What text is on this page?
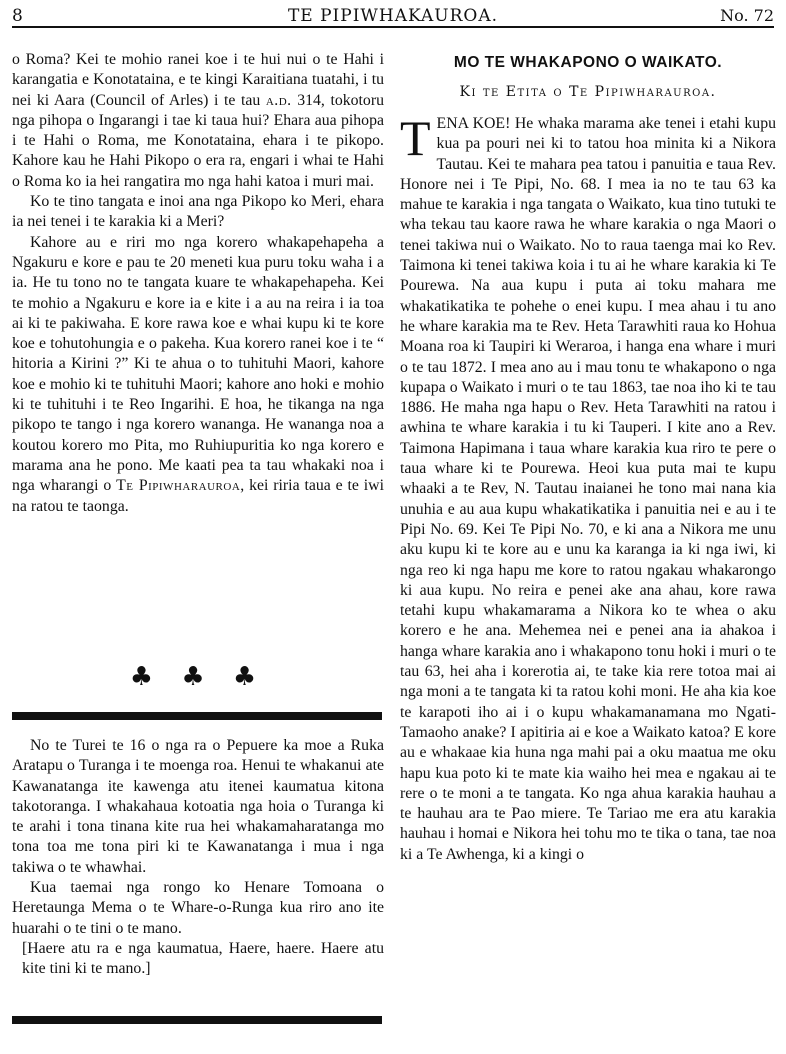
8	TE PIPIWHAKAUROA.	No. 72

o Roma? Kei te mohio ranei koe i te hui nui o te Hahi i karangatia e Konotataina, e te kingi Karaitiana tuatahi, i tu nei ki Aara (Council of Arles) i te tau a.d. 314, tokotoru nga pihopa o Ingarangi i tae ki taua hui? Ehara aua pihopa i te Hahi o Roma, me Konotataina, ehara i te pikopo. Kahore kau he Hahi Pikopo o era ra, engari i whai te Hahi o Roma ko ia hei rangatira mo nga hahi katoa i muri mai.

Ko te tino tangata e inoi ana nga Pikopo ko Meri, ehara ia nei tenei i te karakia ki a Meri?

Kahore au e riri mo nga korero whakapehapeha a Ngakuru e kore e pau te 20 meneti kua puru toku waha i a ia. He tu tono no te tangata kuare te whakapehapeha. Kei te mohio a Ngakuru e kore ia e kite i a au na reira i ia toa ai ki te pakiwaha. E kore rawa koe e whai kupu ki te kore koe e tohutohungia e o pakeha. Kua korero ranei koe i te “ hitoria a Kirini ?” Ki te ahua o to tuhituhi Maori, kahore koe e mohio ki te tuhituhi Maori; kahore ano hoki e mohio ki te tuhituhi i te Reo Ingarihi. E hoa, he tikanga na nga pikopo te tango i nga korero wananga. He wananga noa a koutou korero mo Pita, mo Ruhiupuritia ko nga korero e marama ana he pono. Me kaati pea ta tau whakaki noa i nga wharangi o Te Pipiwharauroa, kei riria taua e te iwi na ratou te taonga.

♣ ♣ ♣

No te Turei te 16 o nga ra o Pepuere ka moe a Ruka Aratapu o Turanga i te moenga roa. Henui te whakanui ate Kawanatanga ite kawenga atu itenei kaumatua kitona takotoranga. I whakahaua kotoatia nga hoia o Turanga ki te arahi i tona tinana kite rua hei whakamaharatanga mo tona toa me tona piri ki te Kawanatanga i mua i nga takiwa o te whawhai.

Kua taemai nga rongo ko Henare Tomoana o Heretaunga Mema o te Whare-o-Runga kua riro ano ite huarahi o te tini o te mano.

[Haere atu ra e nga kaumatua, Haere, haere. Haere atu kite tini ki te mano.]

MO TE WHAKAPONO O WAIKATO.
Ki te Etita o Te Pipiwharauroa.

TENA KOE! He whaka marama ake tenei i etahi kupu kua pa pouri nei ki to tatou hoa minita ki a Nikora Tautau. Kei te mahara pea tatou i panuitia e taua Rev. Honore nei i Te Pipi, No. 68. I mea ia no te tau 63 ka mahue te karakia i nga tangata o Waikato, kua tino tutuki te wha tekau tau kaore rawa he whare karakia o nga Maori o tenei takiwa nui o Waikato. No to raua taenga mai ko Rev. Taimona ki tenei takiwa koia i tu ai he whare karakia ki Te Pourewa. Na aua kupu i puta ai toku mahara me whakatikatika te pohehe o enei kupu. I mea ahau i tu ano he whare karakia ma te Rev. Heta Tarawhiti raua ko Hohua Moana roa ki Taupiri ki Weraroa, i hanga ena whare i muri o te tau 1872. I mea ano au i mau tonu te whakapono o nga kupapa o Waikato i muri o te tau 1863, tae noa iho ki te tau 1886. He maha nga hapu o Rev. Heta Tarawhiti na ratou i awhina te whare karakia i tu ki Tauperi. I kite ano a Rev. Taimona Hapimana i taua whare karakia kua riro te pere o taua whare ki te Pourewa. Heoi kua puta mai te kupu whaaki a te Rev, N. Tautau inaianei he tono mai nana kia unuhia e au aua kupu whakatikatika i panuitia nei e au i te Pipi No. 69. Kei Te Pipi No. 70, e ki ana a Nikora me unu aku kupu ki te kore au e unu ka karanga ia ki nga iwi, ki nga reo ki nga hapu me kore to ratou ngakau whakarongo ki aua kupu. No reira e penei ake ana ahau, kore rawa tetahi kupu whakamarama a Nikora ko te whea o aku korero e he ana. Mehemea nei e penei ana ia ahakoa i hanga whare karakia ano i whakapono tonu hoki i muri o te tau 63, hei aha i korerotia ai, te take kia rere totoa mai ai nga moni a te tangata ki ta ratou kohi moni. He aha kia koe te karapoti iho ai i o kupu whakamanamana mo Ngati-Tamaoho anake? I apitiria ai e koe a Waikato katoa? E kore au e whakaae kia huna nga mahi pai a oku maatua me oku hapu kua poto ki te mate kia waiho hei mea e ngakau ai te rere o te moni a te tangata. Ko nga ahua karakia hauhau a te hauhau ara te Pao miere. Te Tariao me era atu karakia hauhau i homai e Nikora hei tohu mo te tika o tana, tae noa ki a Te Awhenga, ki a kingi o
